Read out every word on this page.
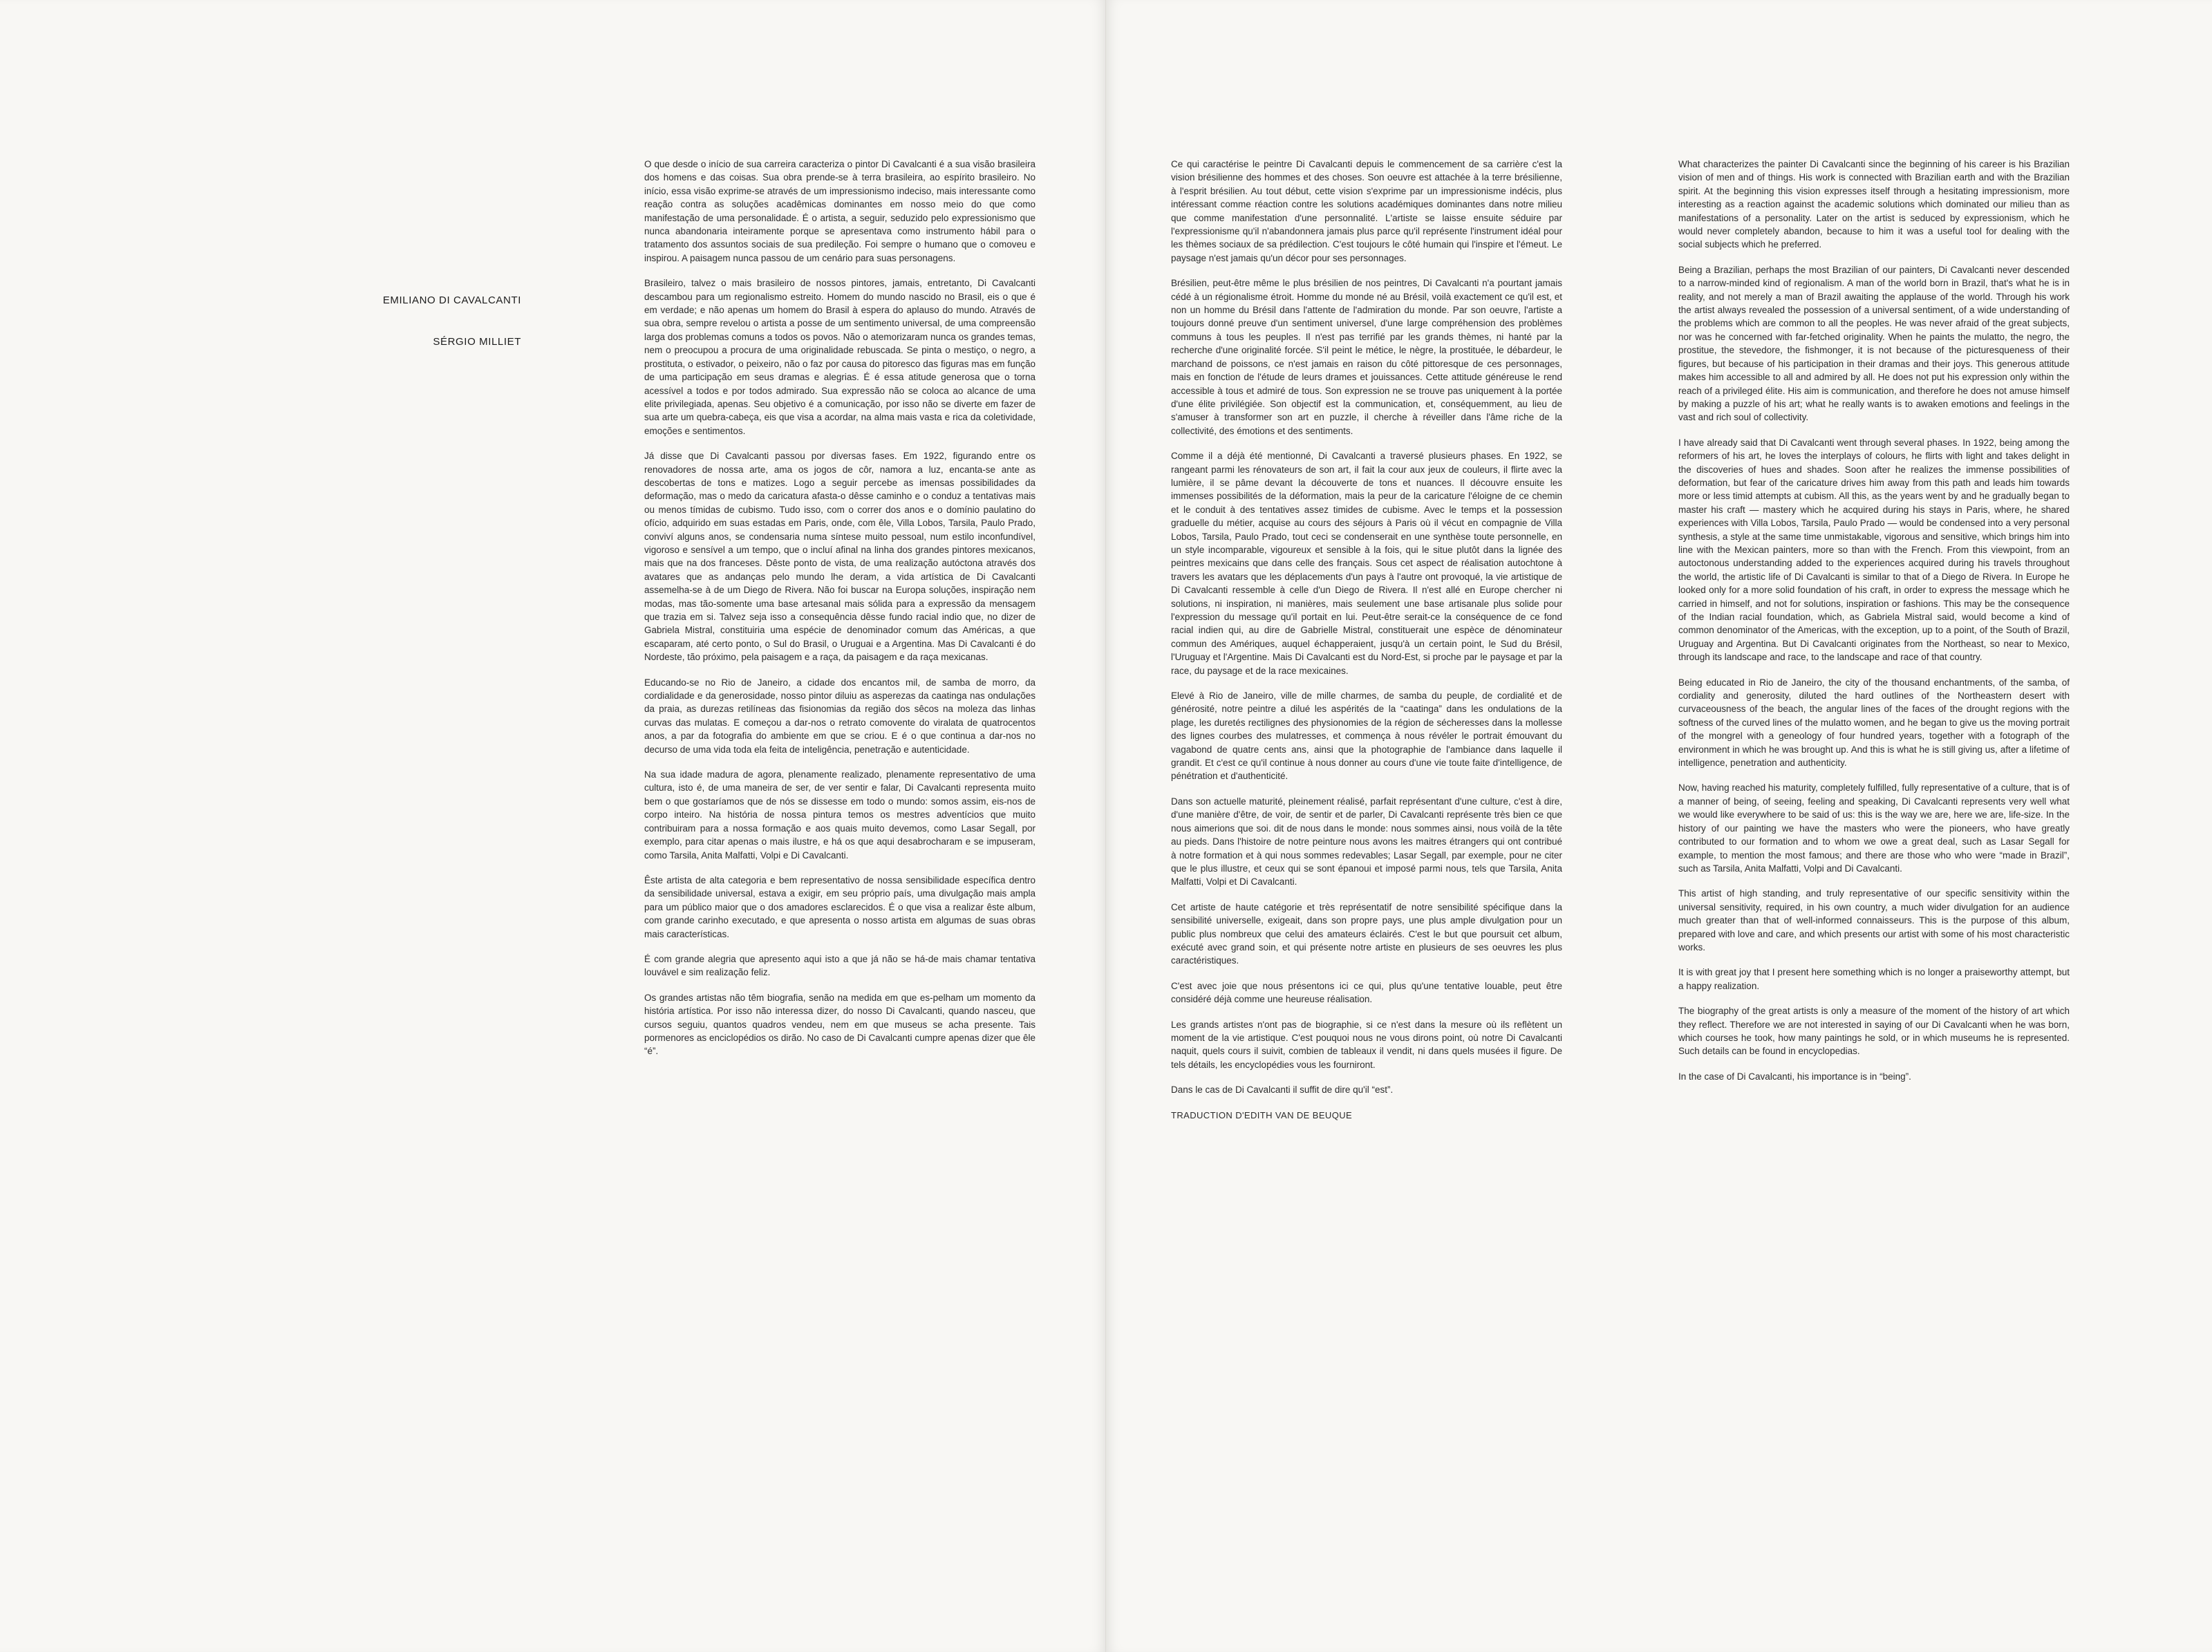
EMILIANO DI CAVALCANTI
SÉRGIO MILLIET

O que desde o início de sua carreira caracteriza o pintor Di Cavalcanti é a sua visão brasileira dos homens e das coisas. Sua obra prende-se à terra brasileira, ao espírito brasileiro. No início, essa visão exprime-se através de um impressionismo indeciso, mais interessante como reação contra as soluções acadêmicas dominantes em nosso meio do que como manifestação de uma personalidade. É o artista, a seguir, seduzido pelo expressionismo que nunca abandonaria inteiramente porque se apresentava como instrumento hábil para o tratamento dos assuntos sociais de sua predileção. Foi sempre o humano que o comoveu e inspirou. A paisagem nunca passou de um cenário para suas personagens.

Brasileiro, talvez o mais brasileiro de nossos pintores, jamais, entretanto, Di Cavalcanti descambou para um regionalismo estreito. Homem do mundo nascido no Brasil, eis o que é em verdade; e não apenas um homem do Brasil à espera do aplauso do mundo. Através de sua obra, sempre revelou o artista a posse de um sentimento universal, de uma compreensão larga dos problemas comuns a todos os povos. Não o atemorizaram nunca os grandes temas, nem o preocupou a procura de uma originalidade rebuscada. Se pinta o mestiço, o negro, a prostituta, o estivador, o peixeiro, não o faz por causa do pitoresco das figuras mas em função de uma participação em seus dramas e alegrias. É é essa atitude generosa que o torna acessível a todos e por todos admirado. Sua expressão não se coloca ao alcance de uma elite privilegiada, apenas. Seu objetivo é a comunicação, por isso não se diverte em fazer de sua arte um quebra-cabeça, eis que visa a acordar, na alma mais vasta e rica da coletividade, emoções e sentimentos.

Já disse que Di Cavalcanti passou por diversas fases. Em 1922, figurando entre os renovadores de nossa arte, ama os jogos de côr, namora a luz, encanta-se ante as descobertas de tons e matizes. Logo a seguir percebe as imensas possibilidades da deformação, mas o medo da caricatura afasta-o dêsse caminho e o conduz a tentativas mais ou menos tímidas de cubismo. Tudo isso, com o correr dos anos e o domínio paulatino do ofício, adquirido em suas estadas em Paris, onde, com êle, Villa Lobos, Tarsila, Paulo Prado, conviví alguns anos, se condensaria numa síntese muito pessoal, num estilo inconfundível, vigoroso e sensível a um tempo, que o incluí afinal na linha dos grandes pintores mexicanos, mais que na dos franceses. Dêste ponto de vista, de uma realização autóctona através dos avatares que as andanças pelo mundo lhe deram, a vida artística de Di Cavalcanti assemelha-se à de um Diego de Rivera. Não foi buscar na Europa soluções, inspiração nem modas, mas tão-somente uma base artesanal mais sólida para a expressão da mensagem que trazia em si. Talvez seja isso a consequência dêsse fundo racial indio que, no dizer de Gabriela Mistral, constituiria uma espécie de denominador comum das Américas, a que escaparam, até certo ponto, o Sul do Brasil, o Uruguai e a Argentina. Mas Di Cavalcanti é do Nordeste, tão próximo, pela paisagem e a raça, da paisagem e da raça mexicanas.

Educando-se no Rio de Janeiro, a cidade dos encantos mil, de samba de morro, da cordialidade e da generosidade, nosso pintor diluiu as asperezas da caatinga nas ondulações da praia, as durezas retilíneas das fisionomias da região dos sêcos na moleza das linhas curvas das mulatas. E começou a dar-nos o retrato comovente do viralata de quatrocentos anos, a par da fotografia do ambiente em que se criou. E é o que continua a dar-nos no decurso de uma vida toda ela feita de inteligência, penetração e autenticidade.

Na sua idade madura de agora, plenamente realizado, plenamente representativo de uma cultura, isto é, de uma maneira de ser, de ver sentir e falar, Di Cavalcanti representa muito bem o que gostaríamos que de nós se dissesse em todo o mundo: somos assim, eis-nos de corpo inteiro. Na história de nossa pintura temos os mestres adventícios que muito contribuiram para a nossa formação e aos quais muito devemos, como Lasar Segall, por exemplo, para citar apenas o mais ilustre, e há os que aqui desabrocharam e se impuseram, como Tarsila, Anita Malfatti, Volpi e Di Cavalcanti.

Êste artista de alta categoria e bem representativo de nossa sensibilidade específica dentro da sensibilidade universal, estava a exigir, em seu próprio país, uma divulgação mais ampla para um público maior que o dos amadores esclarecidos. É o que visa a realizar êste album, com grande carinho executado, e que apresenta o nosso artista em algumas de suas obras mais características.

É com grande alegria que apresento aqui isto a que já não se há-de mais chamar tentativa louvável e sim realização feliz.

Os grandes artistas não têm biografia, senão na medida em que es-pelham um momento da história artística. Por isso não interessa dizer, do nosso Di Cavalcanti, quando nasceu, que cursos seguiu, quantos quadros vendeu, nem em que museus se acha presente. Tais pormenores as enciclopédios os dirão. No caso de Di Cavalcanti cumpre apenas dizer que êle “é”.

Ce qui caractérise le peintre Di Cavalcanti depuis le commencement de sa carrière c'est la vision brésilienne des hommes et des choses. Son oeuvre est attachée à la terre brésilienne, à l'esprit brésilien. Au tout début, cette vision s'exprime par un impressionisme indécis, plus intéressant comme réaction contre les solutions académiques dominantes dans notre milieu que comme manifestation d'une personnalité. L'artiste se laisse ensuite séduire par l'expressionisme qu'il n'abandonnera jamais plus parce qu'il représente l'instrument idéal pour les thèmes sociaux de sa prédilection. C'est toujours le côté humain qui l'inspire et l'émeut. Le paysage n'est jamais qu'un décor pour ses personnages.

Brésilien, peut-être même le plus brésilien de nos peintres, Di Cavalcanti n'a pourtant jamais cédé à un régionalisme étroit. Homme du monde né au Brésil, voilà exactement ce qu'il est, et non un homme du Brésil dans l'attente de l'admiration du monde. Par son oeuvre, l'artiste a toujours donné preuve d'un sentiment universel, d'une large compréhension des problèmes communs à tous les peuples. Il n'est pas terrifié par les grands thèmes, ni hanté par la recherche d'une originalité forcée. S'il peint le métice, le nègre, la prostituée, le débardeur, le marchand de poissons, ce n'est jamais en raison du côté pittoresque de ces personnages, mais en fonction de l'étude de leurs drames et jouissances. Cette attitude généreuse le rend accessible à tous et admiré de tous. Son expression ne se trouve pas uniquement à la portée d'une élite privilégiée. Son objectif est la communication, et, conséquemment, au lieu de s'amuser à transformer son art en puzzle, il cherche à réveiller dans l'âme riche de la collectivité, des émotions et des sentiments.

Comme il a déjà été mentionné, Di Cavalcanti a traversé plusieurs phases. En 1922, se rangeant parmi les rénovateurs de son art, il fait la cour aux jeux de couleurs, il flirte avec la lumière, il se pâme devant la découverte de tons et nuances. Il découvre ensuite les immenses possibilités de la déformation, mais la peur de la caricature l'éloigne de ce chemin et le conduit à des tentatives assez timides de cubisme. Avec le temps et la possession graduelle du métier, acquise au cours des séjours à Paris où il vécut en compagnie de Villa Lobos, Tarsila, Paulo Prado, tout ceci se condenserait en une synthèse toute personnelle, en un style incomparable, vigoureux et sensible à la fois, qui le situe plutôt dans la lignée des peintres mexicains que dans celle des français. Sous cet aspect de réalisation autochtone à travers les avatars que les déplacements d'un pays à l'autre ont provoqué, la vie artistique de Di Cavalcanti ressemble à celle d'un Diego de Rivera. Il n'est allé en Europe chercher ni solutions, ni inspiration, ni manières, mais seulement une base artisanale plus solide pour l'expression du message qu'il portait en lui. Peut-être serait-ce la conséquence de ce fond racial indien qui, au dire de Gabrielle Mistral, constituerait une espèce de dénominateur commun des Amériques, auquel échapperaient, jusqu'à un certain point, le Sud du Brésil, l'Uruguay et l'Argentine. Mais Di Cavalcanti est du Nord-Est, si proche par le paysage et par la race, du paysage et de la race mexicaines.

Elevé à Rio de Janeiro, ville de mille charmes, de samba du peuple, de cordialité et de générosité, notre peintre a dilué les aspérités de la “caatinga” dans les ondulations de la plage, les duretés rectilignes des physionomies de la région de sécheresses dans la mollesse des lignes courbes des mulatresses, et commença à nous révéler le portrait émouvant du vagabond de quatre cents ans, ainsi que la photographie de l'ambiance dans laquelle il grandit. Et c'est ce qu'il continue à nous donner au cours d'une vie toute faite d'intelligence, de pénétration et d'authenticité.

Dans son actuelle maturité, pleinement réalisé, parfait représentant d'une culture, c'est à dire, d'une manière d'être, de voir, de sentir et de parler, Di Cavalcanti représente très bien ce que nous aimerions que soi. dit de nous dans le monde: nous sommes ainsi, nous voilà de la tête au pieds. Dans l'histoire de notre peinture nous avons les maitres étrangers qui ont contribué à notre formation et à qui nous sommes redevables; Lasar Segall, par exemple, pour ne citer que le plus illustre, et ceux qui se sont épanoui et imposé parmi nous, tels que Tarsila, Anita Malfatti, Volpi et Di Cavalcanti.

Cet artiste de haute catégorie et très représentatif de notre sensibilité spécifique dans la sensibilité universelle, exigeait, dans son propre pays, une plus ample divulgation pour un public plus nombreux que celui des amateurs éclairés. C'est le but que poursuit cet album, exécuté avec grand soin, et qui présente notre artiste en plusieurs de ses oeuvres les plus caractéristiques.

C'est avec joie que nous présentons ici ce qui, plus qu'une tentative louable, peut être considéré déjà comme une heureuse réalisation.

Les grands artistes n'ont pas de biographie, si ce n'est dans la mesure où ils reflètent un moment de la vie artistique. C'est pouquoi nous ne vous dirons point, où notre Di Cavalcanti naquit, quels cours il suivit, combien de tableaux il vendit, ni dans quels musées il figure. De tels détails, les encyclopédies vous les fourniront.

Dans le cas de Di Cavalcanti il suffit de dire qu'il “est”.

TRADUCTION D'EDITH VAN DE BEUQUE

What characterizes the painter Di Cavalcanti since the beginning of his career is his Brazilian vision of men and of things. His work is connected with Brazilian earth and with the Brazilian spirit. At the beginning this vision expresses itself through a hesitating impressionism, more interesting as a reaction against the academic solutions which dominated our milieu than as manifestations of a personality. Later on the artist is seduced by expressionism, which he would never completely abandon, because to him it was a useful tool for dealing with the social subjects which he preferred.

Being a Brazilian, perhaps the most Brazilian of our painters, Di Cavalcanti never descended to a narrow-minded kind of regionalism. A man of the world born in Brazil, that's what he is in reality, and not merely a man of Brazil awaiting the applause of the world. Through his work the artist always revealed the possession of a universal sentiment, of a wide understanding of the problems which are common to all the peoples. He was never afraid of the great subjects, nor was he concerned with far-fetched originality. When he paints the mulatto, the negro, the prostitue, the stevedore, the fishmonger, it is not because of the picturesqueness of their figures, but because of his participation in their dramas and their joys. This generous attitude makes him accessible to all and admired by all. He does not put his expression only within the reach of a privileged élite. His aim is communication, and therefore he does not amuse himself by making a puzzle of his art; what he really wants is to awaken emotions and feelings in the vast and rich soul of collectivity.

I have already said that Di Cavalcanti went through several phases. In 1922, being among the reformers of his art, he loves the interplays of colours, he flirts with light and takes delight in the discoveries of hues and shades. Soon after he realizes the immense possibilities of deformation, but fear of the caricature drives him away from this path and leads him towards more or less timid attempts at cubism. All this, as the years went by and he gradually began to master his craft — mastery which he acquired during his stays in Paris, where, he shared experiences with Villa Lobos, Tarsila, Paulo Prado — would be condensed into a very personal synthesis, a style at the same time unmistakable, vigorous and sensitive, which brings him into line with the Mexican painters, more so than with the French. From this viewpoint, from an autoctonous understanding added to the experiences acquired during his travels throughout the world, the artistic life of Di Cavalcanti is similar to that of a Diego de Rivera. In Europe he looked only for a more solid foundation of his craft, in order to express the message which he carried in himself, and not for solutions, inspiration or fashions. This may be the consequence of the Indian racial foundation, which, as Gabriela Mistral said, would become a kind of common denominator of the Americas, with the exception, up to a point, of the South of Brazil, Uruguay and Argentina. But Di Cavalcanti originates from the Northeast, so near to Mexico, through its landscape and race, to the landscape and race of that country.

Being educated in Rio de Janeiro, the city of the thousand enchantments, of the samba, of cordiality and generosity, diluted the hard outlines of the Northeastern desert with curvaceousness of the beach, the angular lines of the faces of the drought regions with the softness of the curved lines of the mulatto women, and he began to give us the moving portrait of the mongrel with a geneology of four hundred years, together with a fotograph of the environment in which he was brought up. And this is what he is still giving us, after a lifetime of intelligence, penetration and authenticity.

Now, having reached his maturity, completely fulfilled, fully representative of a culture, that is of a manner of being, of seeing, feeling and speaking, Di Cavalcanti represents very well what we would like everywhere to be said of us: this is the way we are, here we are, life-size. In the history of our painting we have the masters who were the pioneers, who have greatly contributed to our formation and to whom we owe a great deal, such as Lasar Segall for example, to mention the most famous; and there are those who who were “made in Brazil”, such as Tarsila, Anita Malfatti, Volpi and Di Cavalcanti.

This artist of high standing, and truly representative of our specific sensitivity within the universal sensitivity, required, in his own country, a much wider divulgation for an audience much greater than that of well-informed connaisseurs. This is the purpose of this album, prepared with love and care, and which presents our artist with some of his most characteristic works.

It is with great joy that I present here something which is no longer a praiseworthy attempt, but a happy realization.

The biography of the great artists is only a measure of the moment of the history of art which they reflect. Therefore we are not interested in saying of our Di Cavalcanti when he was born, which courses he took, how many paintings he sold, or in which museums he is represented. Such details can be found in encyclopedias.

In the case of Di Cavalcanti, his importance is in “being”.
